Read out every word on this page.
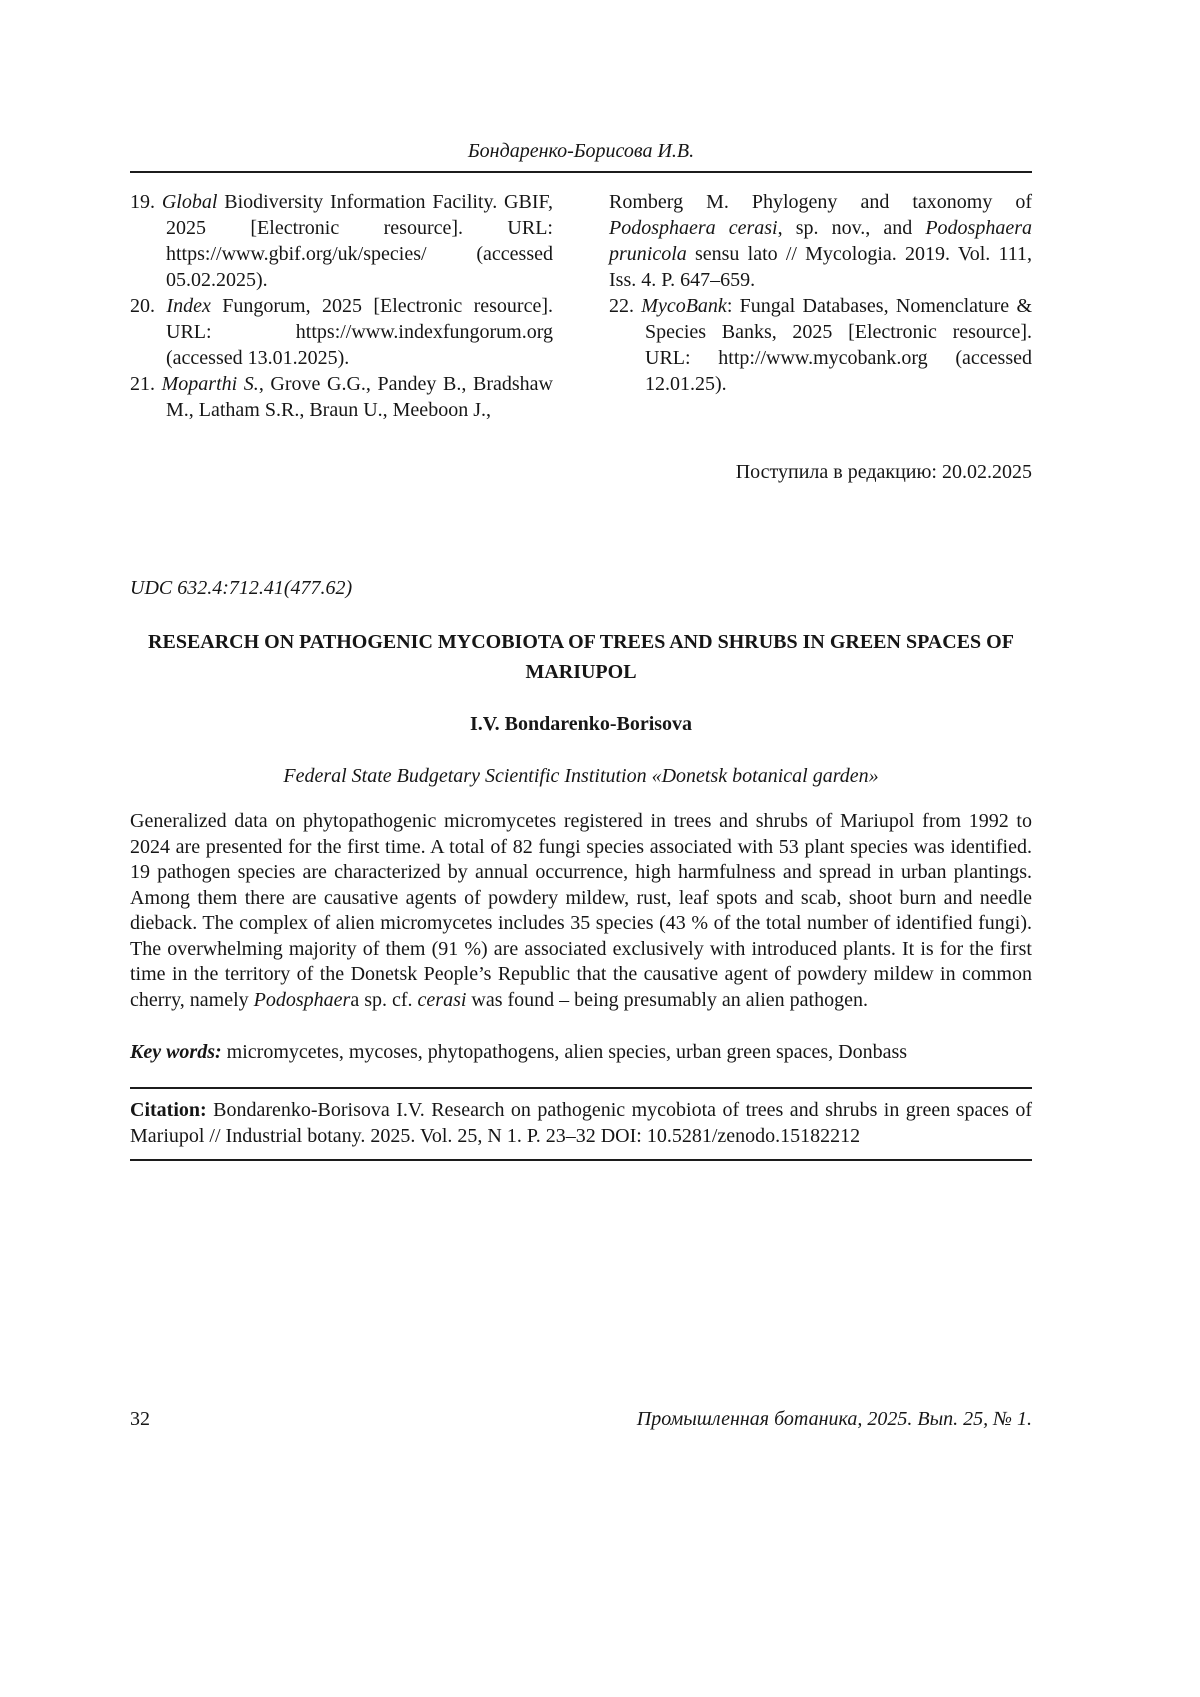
Бондаренко-Борисова И.В.

19. Global Biodiversity Information Facility. GBIF, 2025 [Electronic resource]. URL: https://www.gbif.org/uk/species/ (accessed 05.02.2025).

20. Index Fungorum, 2025 [Electronic resource]. URL: https://www.indexfungorum.org (accessed 13.01.2025).

21. Moparthi S., Grove G.G., Pandey B., Bradshaw M., Latham S.R., Braun U., Meeboon J.,

Romberg M. Phylogeny and taxonomy of Podosphaera cerasi, sp. nov., and Podosphaera prunicola sensu lato // Mycologia. 2019. Vol. 111, Iss. 4. P. 647–659.

22. MycoBank: Fungal Databases, Nomenclature & Species Banks, 2025 [Electronic resource]. URL: http://www.mycobank.org (accessed 12.01.25).

Поступила в редакцию: 20.02.2025
UDC 632.4:712.41(477.62)
RESEARCH ON PATHOGENIC MYCOBIOTA OF TREES AND SHRUBS IN GREEN SPACES OF MARIUPOL
I.V. Bondarenko-Borisova
Federal State Budgetary Scientific Institution «Donetsk botanical garden»

Generalized data on phytopathogenic micromycetes registered in trees and shrubs of Mariupol from 1992 to 2024 are presented for the first time. A total of 82 fungi species associated with 53 plant species was identified. 19 pathogen species are characterized by annual occurrence, high harmfulness and spread in urban plantings. Among them there are causative agents of powdery mildew, rust, leaf spots and scab, shoot burn and needle dieback. The complex of alien micromycetes includes 35 species (43 % of the total number of identified fungi). The overwhelming majority of them (91 %) are associated exclusively with introduced plants. It is for the first time in the territory of the Donetsk People’s Republic that the causative agent of powdery mildew in common cherry, namely Podosphaera sp. cf. cerasi was found – being presumably an alien pathogen.

Key words: micromycetes, mycoses, phytopathogens, alien species, urban green spaces, Donbass

Citation: Bondarenko-Borisova I.V. Research on pathogenic mycobiota of trees and shrubs in green spaces of Mariupol // Industrial botany. 2025. Vol. 25, N 1. P. 23–32 DOI: 10.5281/zenodo.15182212

32	Промышленная ботаника, 2025. Вып. 25, № 1.
